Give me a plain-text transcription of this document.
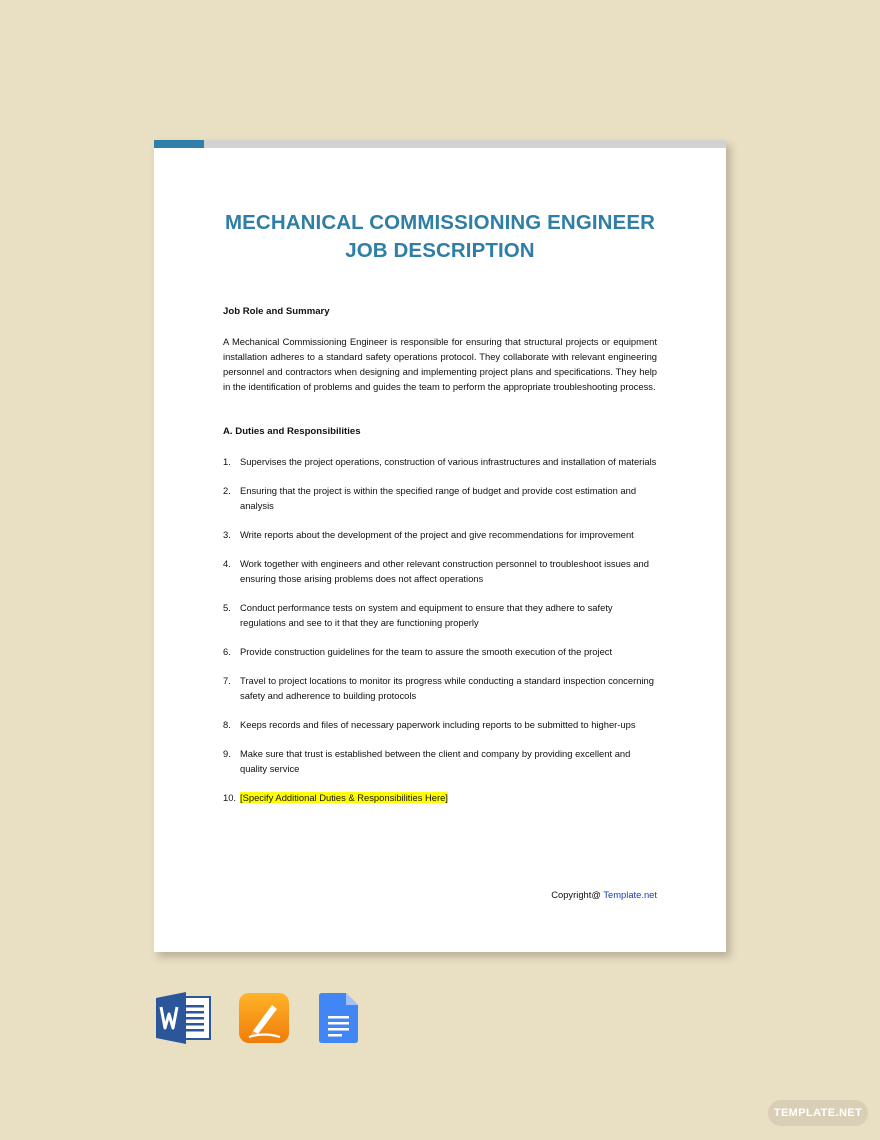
MECHANICAL COMMISSIONING ENGINEER
JOB DESCRIPTION
Job Role and Summary
A Mechanical Commissioning Engineer is responsible for ensuring that structural projects or equipment installation adheres to a standard safety operations protocol. They collaborate with relevant engineering personnel and contractors when designing and implementing project plans and specifications. They help in the identification of problems and guides the team to perform the appropriate troubleshooting process.
A. Duties and Responsibilities
1. Supervises the project operations, construction of various infrastructures and installation of materials
2. Ensuring that the project is within the specified range of budget and provide cost estimation and analysis
3. Write reports about the development of the project and give recommendations for improvement
4. Work together with engineers and other relevant construction personnel to troubleshoot issues and ensuring those arising problems does not affect operations
5. Conduct performance tests on system and equipment to ensure that they adhere to safety regulations and see to it that they are functioning properly
6. Provide construction guidelines for the team to assure the smooth execution of the project
7. Travel to project locations to monitor its progress while conducting a standard inspection concerning safety and adherence to building protocols
8. Keeps records and files of necessary paperwork including reports to be submitted to higher-ups
9. Make sure that trust is established between the client and company by providing excellent and quality service
10. [Specify Additional Duties & Responsibilities Here]
Copyright@ Template.net
TEMPLATE.NET
